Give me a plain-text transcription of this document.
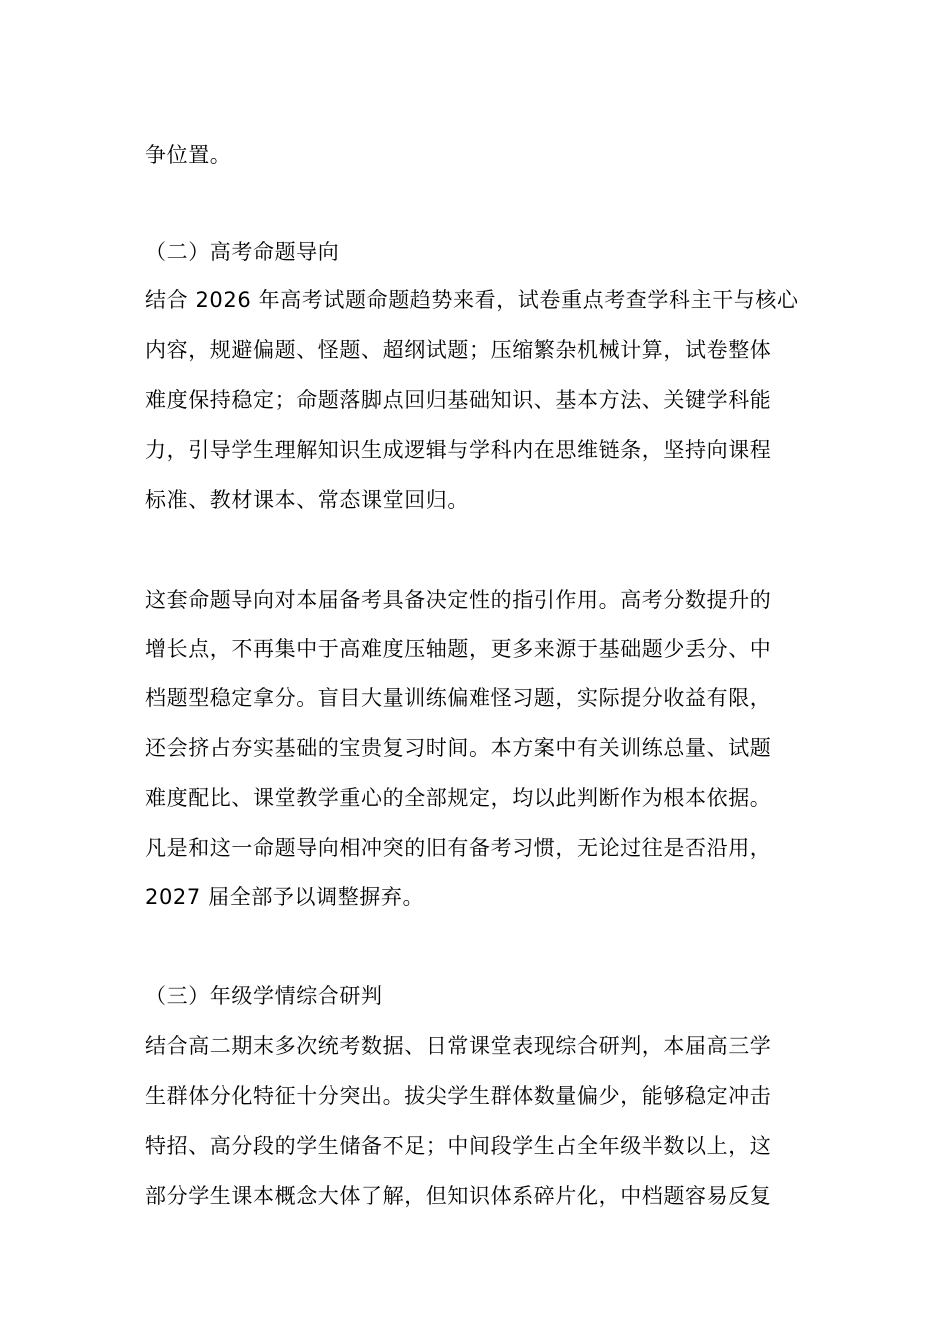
争位置。
（二）高考命题导向
结合 2026 年高考试题命题趋势来看，试卷重点考查学科主干与核心
内容，规避偏题、怪题、超纲试题；压缩繁杂机械计算，试卷整体
难度保持稳定；命题落脚点回归基础知识、基本方法、关键学科能
力，引导学生理解知识生成逻辑与学科内在思维链条，坚持向课程
标准、教材课本、常态课堂回归。
这套命题导向对本届备考具备决定性的指引作用。高考分数提升的
增长点，不再集中于高难度压轴题，更多来源于基础题少丢分、中
档题型稳定拿分。盲目大量训练偏难怪习题，实际提分收益有限，
还会挤占夯实基础的宝贵复习时间。本方案中有关训练总量、试题
难度配比、课堂教学重心的全部规定，均以此判断作为根本依据。
凡是和这一命题导向相冲突的旧有备考习惯，无论过往是否沿用，
2027 届全部予以调整摒弃。
（三）年级学情综合研判
结合高二期末多次统考数据、日常课堂表现综合研判，本届高三学
生群体分化特征十分突出。拔尖学生群体数量偏少，能够稳定冲击
特招、高分段的学生储备不足；中间段学生占全年级半数以上，这
部分学生课本概念大体了解，但知识体系碎片化，中档题容易反复
